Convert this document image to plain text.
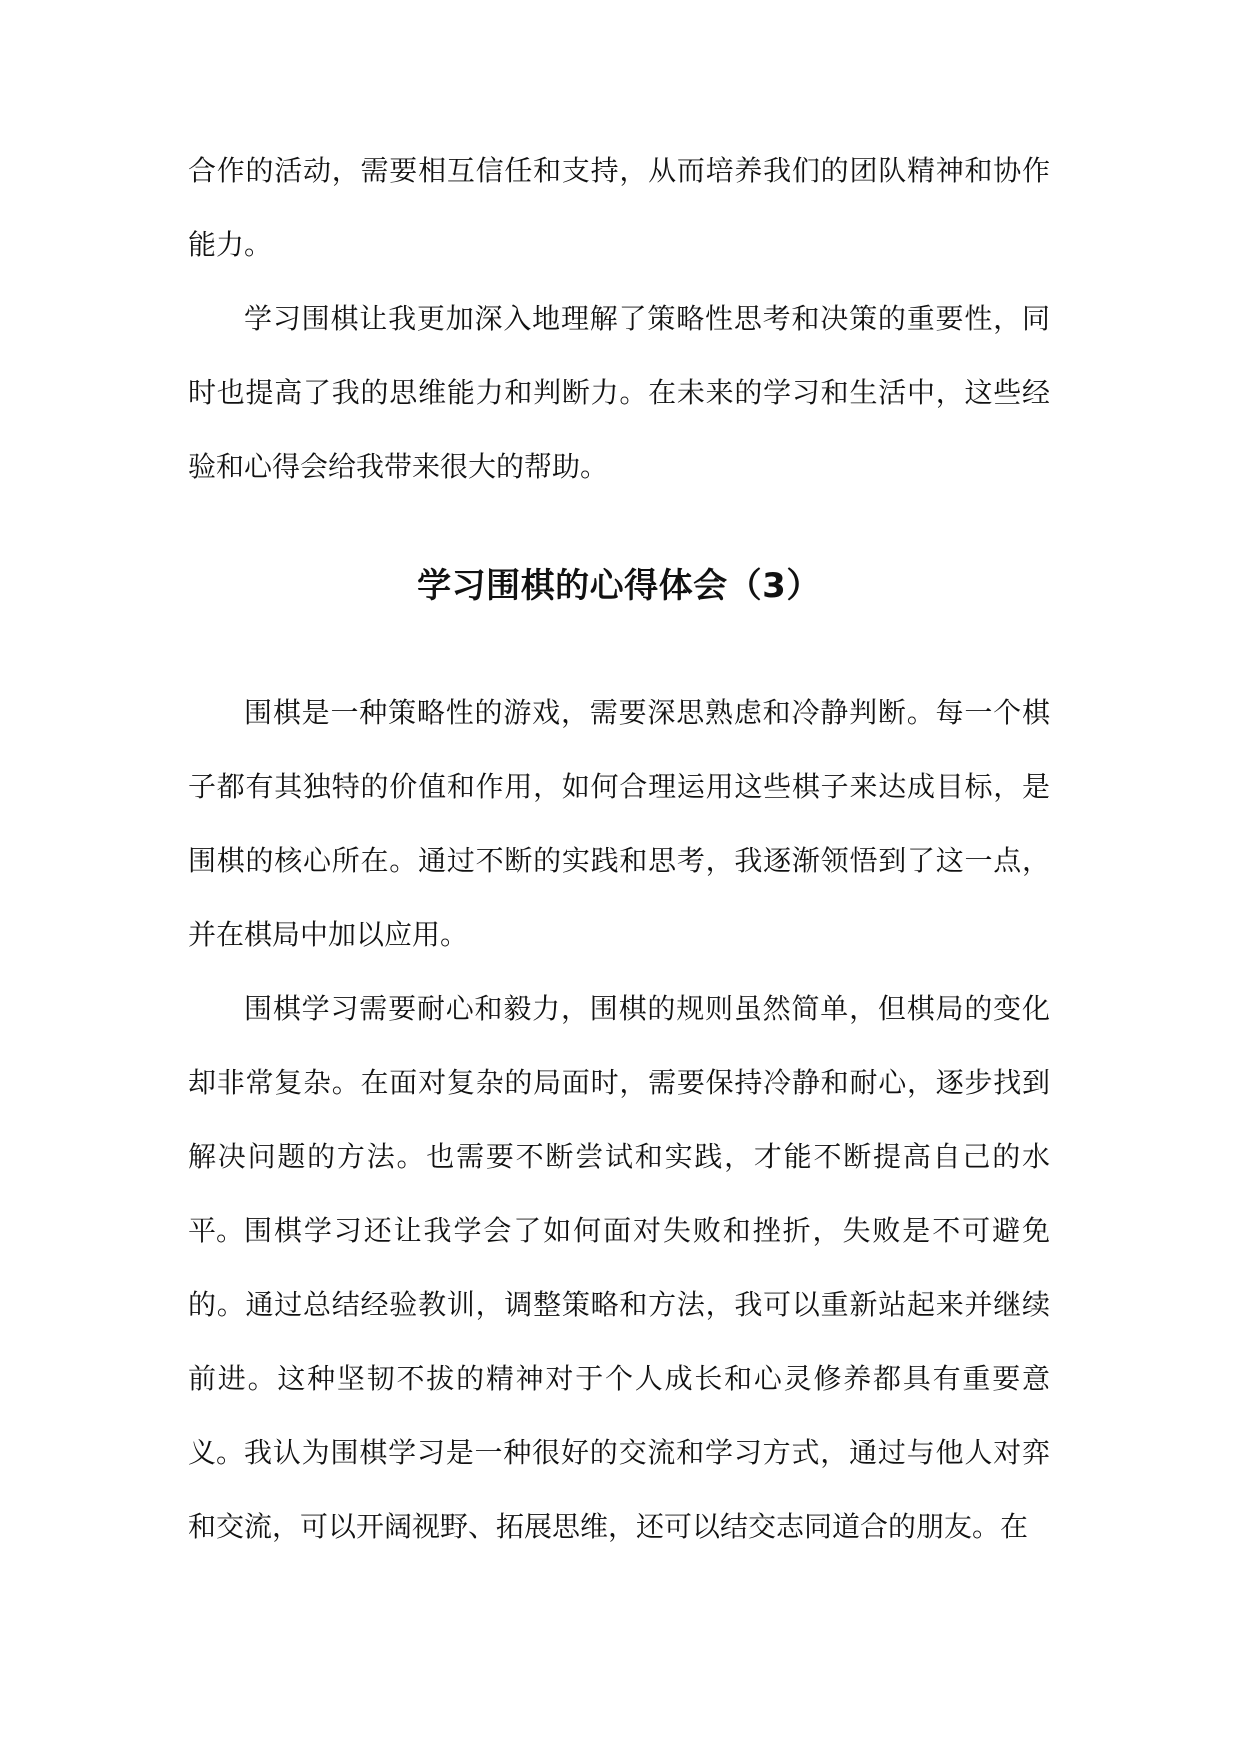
合作的活动，需要相互信任和支持，从而培养我们的团队精神和协作能力。

学习围棋让我更加深入地理解了策略性思考和决策的重要性，同时也提高了我的思维能力和判断力。在未来的学习和生活中，这些经验和心得会给我带来很大的帮助。

学习围棋的心得体会（3）

围棋是一种策略性的游戏，需要深思熟虑和冷静判断。每一个棋子都有其独特的价值和作用，如何合理运用这些棋子来达成目标，是围棋的核心所在。通过不断的实践和思考，我逐渐领悟到了这一点，并在棋局中加以应用。

围棋学习需要耐心和毅力，围棋的规则虽然简单，但棋局的变化却非常复杂。在面对复杂的局面时，需要保持冷静和耐心，逐步找到解决问题的方法。也需要不断尝试和实践，才能不断提高自己的水平。 围棋学习还让我学会了如何面对失败和挫折，失败是不可避免的。通过总结经验教训，调整策略和方法，我可以重新站起来并继续前进。这种坚韧不拔的精神对于个人成长和心灵修养都具有重要意义。 我认为围棋学习是一种很好的交流和学习方式，通过与他人对弈和交流，可以开阔视野、拓展思维，还可以结交志同道合的朋友。在
